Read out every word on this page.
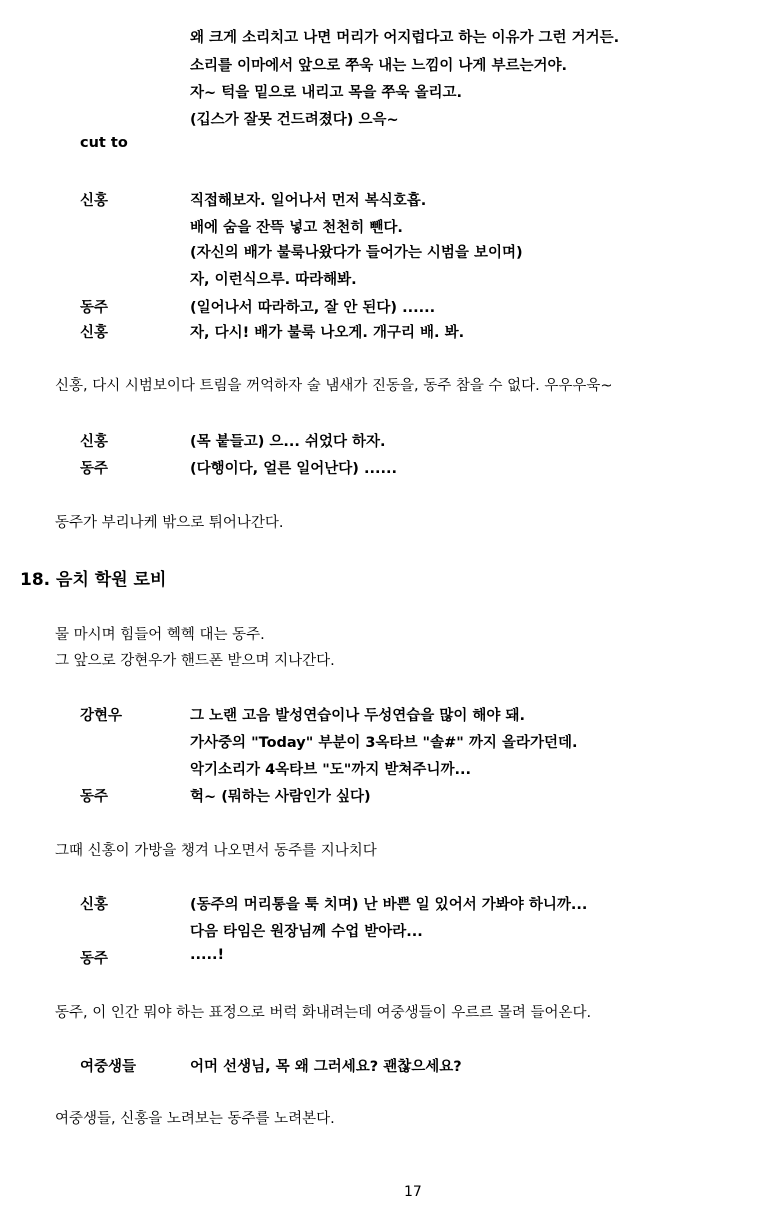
왜 크게 소리치고 나면 머리가 어지럽다고 하는 이유가 그런 거거든.
소리를 이마에서 앞으로 쭈욱 내는 느낌이 나게 부르는거야.
자~ 턱을 밑으로 내리고 목을 쭈욱 올리고.
(깁스가 잘못 건드려졌다) 으윽~
cut to
신홍	직접해보자. 일어나서 먼저 복식호흡.
배에 숨을 잔뜩 넣고 천천히 뺀다.
(자신의 배가 불룩나왔다가 들어가는 시범을 보이며)
자, 이런식으루. 따라해봐.
동주	(일어나서 따라하고, 잘 안 된다) ......
신홍	자, 다시! 배가 불룩 나오게. 개구리 배. 봐.
신홍, 다시 시범보이다 트림을 꺼억하자 술 냄새가 진동을, 동주 참을 수 없다. 우우우욱~
신홍	(목 붙들고) 으... 쉬었다 하자.
동주	(다행이다, 얼른 일어난다) ......
동주가 부리나케 밖으로 튀어나간다.
18. 음치 학원 로비
물 마시며 힘들어 헥헥 대는 동주.
그 앞으로 강현우가 핸드폰 받으며 지나간다.
강현우	그 노랜 고음 발성연습이나 두성연습을 많이 해야 돼.
가사중의 "Today" 부분이 3옥타브 "솔#" 까지 올라가던데.
악기소리가 4옥타브 "도"까지 받쳐주니까...
동주	헉~ (뭐하는 사람인가 싶다)
그때 신홍이 가방을 챙겨 나오면서 동주를 지나치다
신홍	(동주의 머리통을 툭 치며) 난 바쁜 일 있어서 가봐야 하니까...
다음 타임은 원장님께 수업 받아라...
동주	.....!
동주, 이 인간 뭐야 하는 표정으로 버럭 화내려는데 여중생들이 우르르 몰려 들어온다.
여중생들	어머 선생님, 목 왜 그러세요? 괜찮으세요?
여중생들, 신홍을 노려보는 동주를 노려본다.
17
